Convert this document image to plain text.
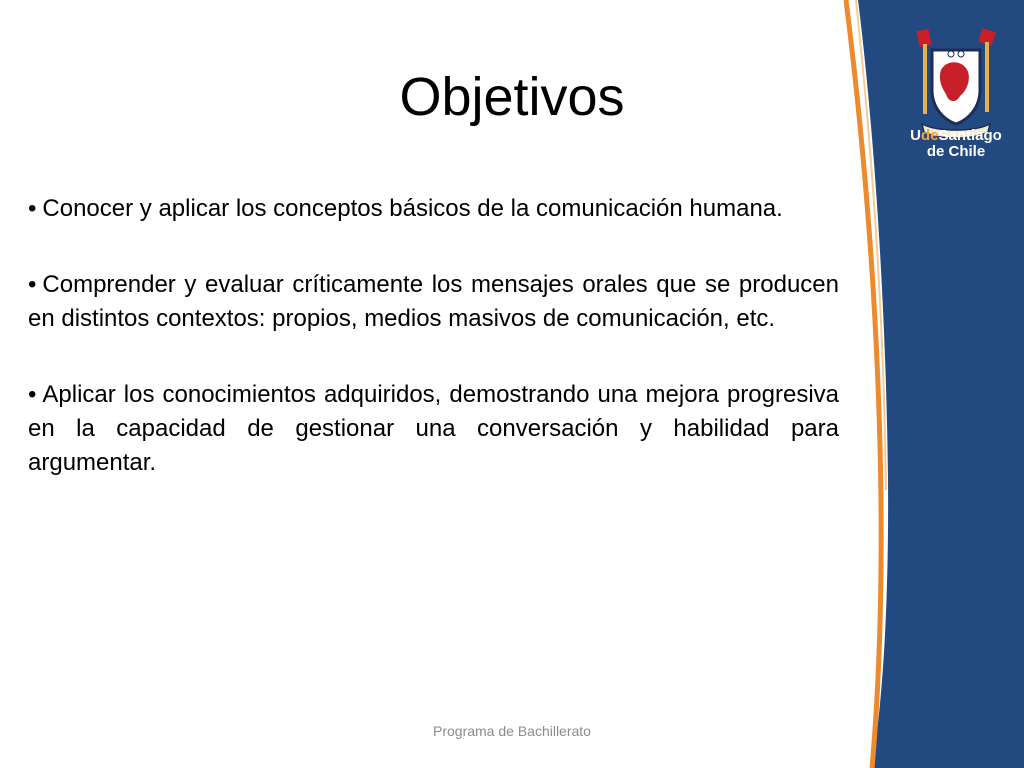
UdeSantiago
de Chile
Objetivos
• Conocer y aplicar los conceptos básicos de la comunicación humana.
• Comprender y evaluar críticamente los mensajes orales que se producen en distintos contextos: propios, medios masivos de comunicación, etc.
• Aplicar los conocimientos adquiridos, demostrando una mejora progresiva en la capacidad de gestionar una conversación y habilidad para argumentar.
Programa de Bachillerato
